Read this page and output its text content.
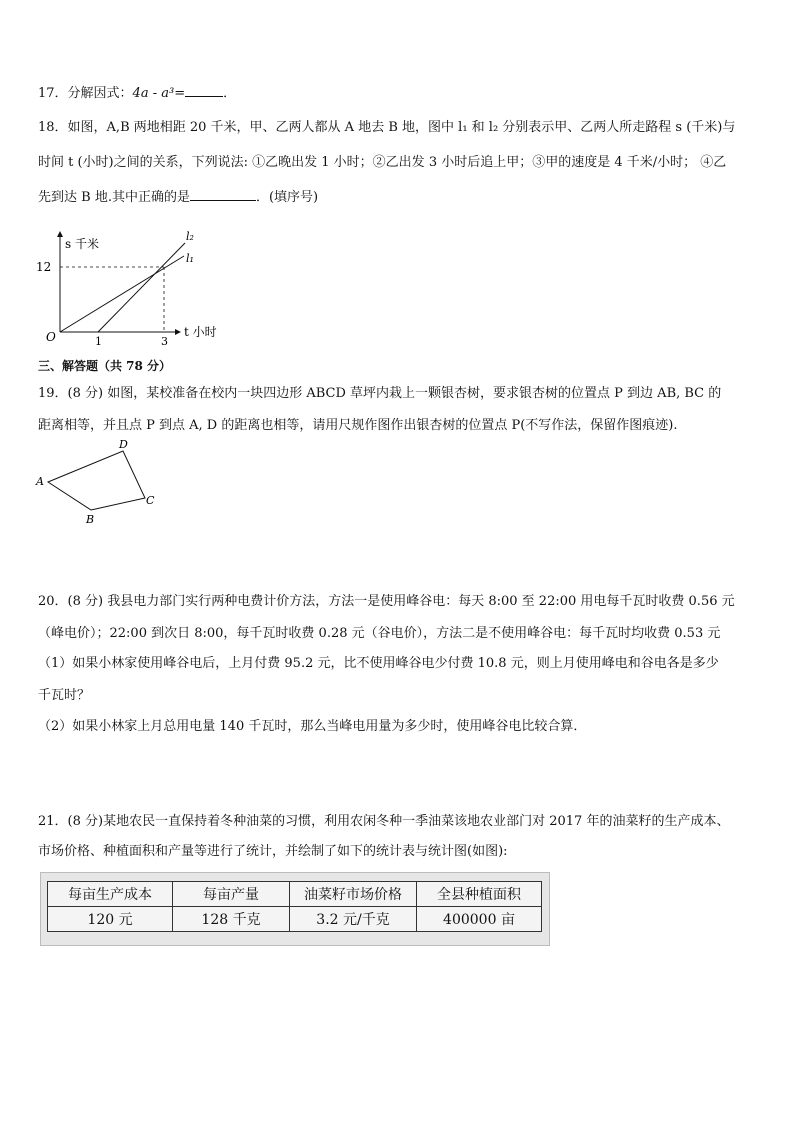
17．分解因式：4a - a³=	．
18．如图，A,B 两地相距 20 千米，甲、乙两人都从 A 地去 B 地，图中 l₁ 和 l₂ 分别表示甲、乙两人所走路程 s (千米)与
时间 t (小时)之间的关系，下列说法: ①乙晚出发 1 小时；②乙出发 3 小时后追上甲；③甲的速度是 4 千米/小时； ④乙
先到达 B 地.其中正确的是	．(填序号)
s 千米
t 小时
12
O	1	3
l₂
l₁
三、解答题（共 78 分）
19．(8 分) 如图，某校准备在校内一块四边形 ABCD 草坪内栽上一颗银杏树，要求银杏树的位置点 P 到边 AB, BC 的
距离相等，并且点 P 到点 A, D 的距离也相等，请用尺规作图作出银杏树的位置点 P(不写作法，保留作图痕迹).
D
A
C
B
20．(8 分) 我县电力部门实行两种电费计价方法，方法一是使用峰谷电：每天 8:00 至 22:00 用电每千瓦时收费 0.56 元
（峰电价）；22:00 到次日 8:00，每千瓦时收费 0.28 元（谷电价），方法二是不使用峰谷电：每千瓦时均收费 0.53 元
（1）如果小林家使用峰谷电后，上月付费 95.2 元，比不使用峰谷电少付费 10.8 元，则上月使用峰电和谷电各是多少
千瓦时？
（2）如果小林家上月总用电量 140 千瓦时，那么当峰电用量为多少时，使用峰谷电比较合算．
21．(8 分)某地农民一直保持着冬种油菜的习惯，利用农闲冬种一季油菜该地农业部门对 2017 年的油菜籽的生产成本、
市场价格、种植面积和产量等进行了统计，并绘制了如下的统计表与统计图(如图):
每亩生产成本	每亩产量	油菜籽市场价格	全县种植面积
120 元	128 千克	3.2 元/千克	400000 亩
